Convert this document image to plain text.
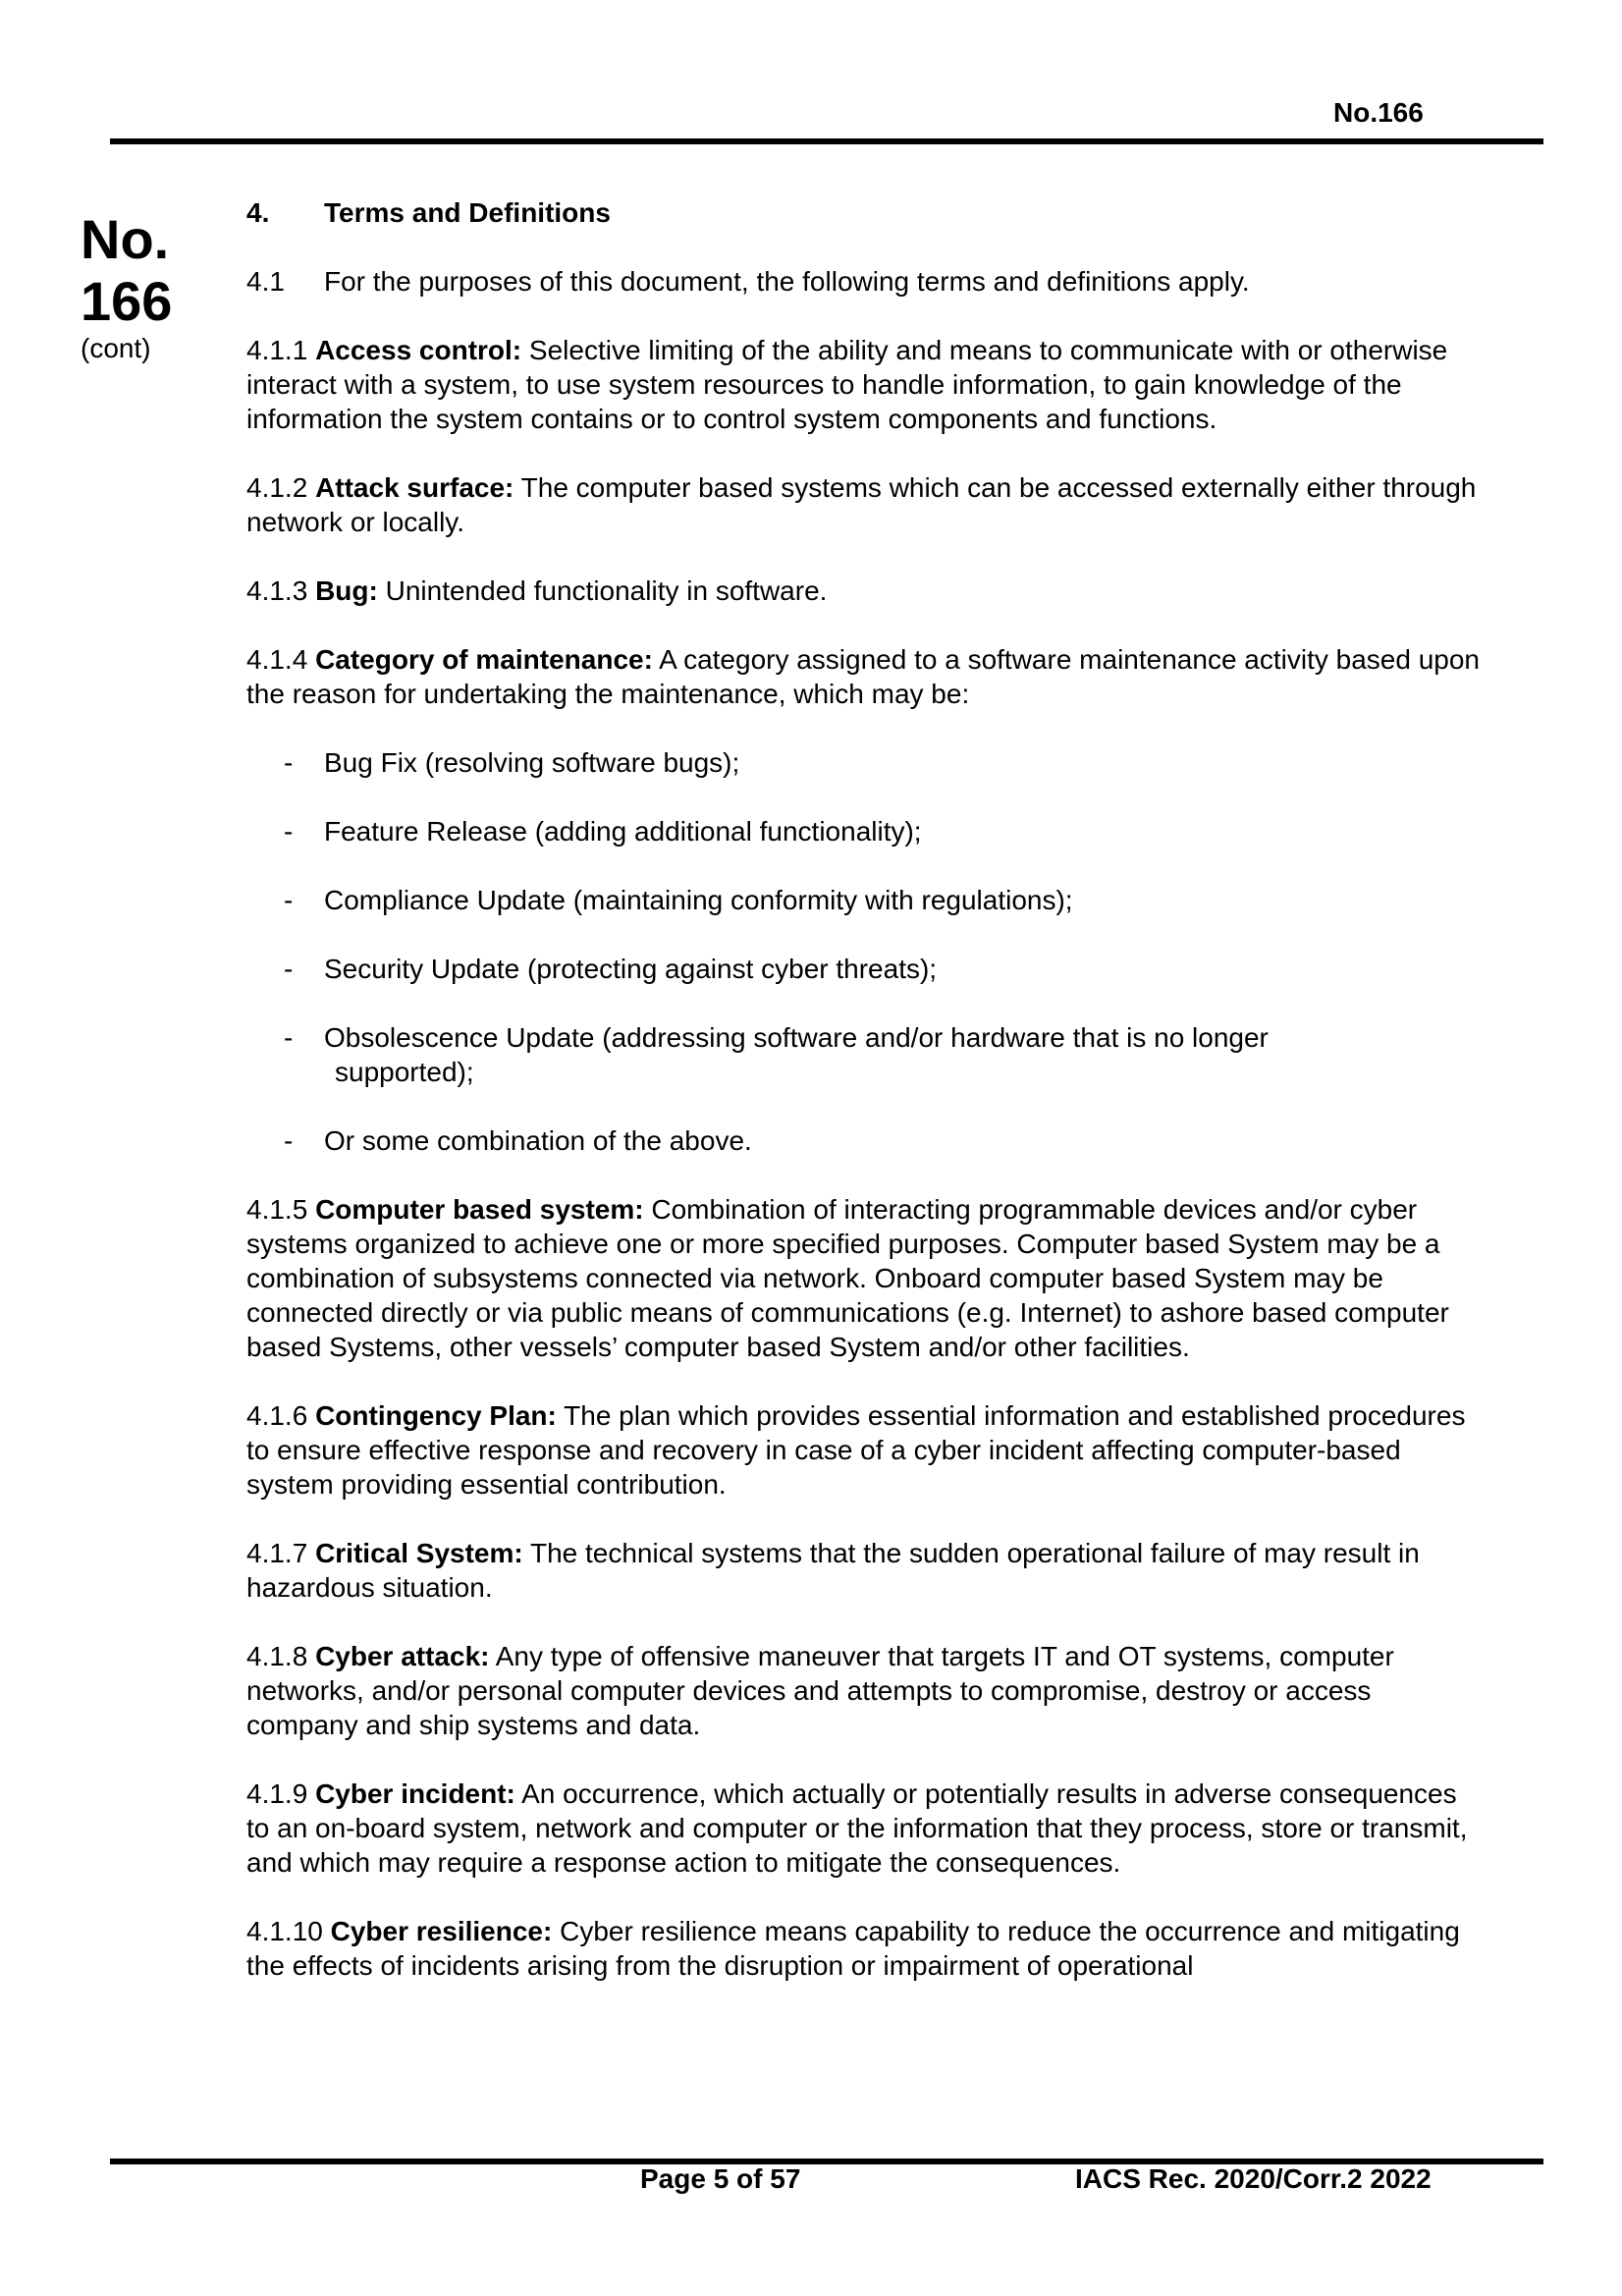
No.166
No.
166
(cont)

4.	Terms and Definitions

4.1	For the purposes of this document, the following terms and definitions apply.

4.1.1 Access control: Selective limiting of the ability and means to communicate with or otherwise interact with a system, to use system resources to handle information, to gain knowledge of the information the system contains or to control system components and functions.

4.1.2 Attack surface: The computer based systems which can be accessed externally either through network or locally.

4.1.3 Bug: Unintended functionality in software.

4.1.4 Category of maintenance: A category assigned to a software maintenance activity based upon the reason for undertaking the maintenance, which may be:

- Bug Fix (resolving software bugs);
- Feature Release (adding additional functionality);
- Compliance Update (maintaining conformity with regulations);
- Security Update (protecting against cyber threats);
- Obsolescence Update (addressing software and/or hardware that is no longer
supported);
- Or some combination of the above.

4.1.5 Computer based system: Combination of interacting programmable devices and/or cyber systems organized to achieve one or more specified purposes. Computer based System may be a combination of subsystems connected via network. Onboard computer based System may be connected directly or via public means of communications (e.g. Internet) to ashore based computer based Systems, other vessels’ computer based System and/or other facilities.

4.1.6 Contingency Plan: The plan which provides essential information and established procedures to ensure effective response and recovery in case of a cyber incident affecting computer-based system providing essential contribution.

4.1.7 Critical System: The technical systems that the sudden operational failure of may result in hazardous situation.

4.1.8 Cyber attack: Any type of offensive maneuver that targets IT and OT systems, computer networks, and/or personal computer devices and attempts to compromise, destroy or access company and ship systems and data.

4.1.9 Cyber incident: An occurrence, which actually or potentially results in adverse consequences to an on-board system, network and computer or the information that they process, store or transmit, and which may require a response action to mitigate the consequences.

4.1.10 Cyber resilience: Cyber resilience means capability to reduce the occurrence and mitigating the effects of incidents arising from the disruption or impairment of operational

Page 5 of 57	IACS Rec. 2020/Corr.2 2022
